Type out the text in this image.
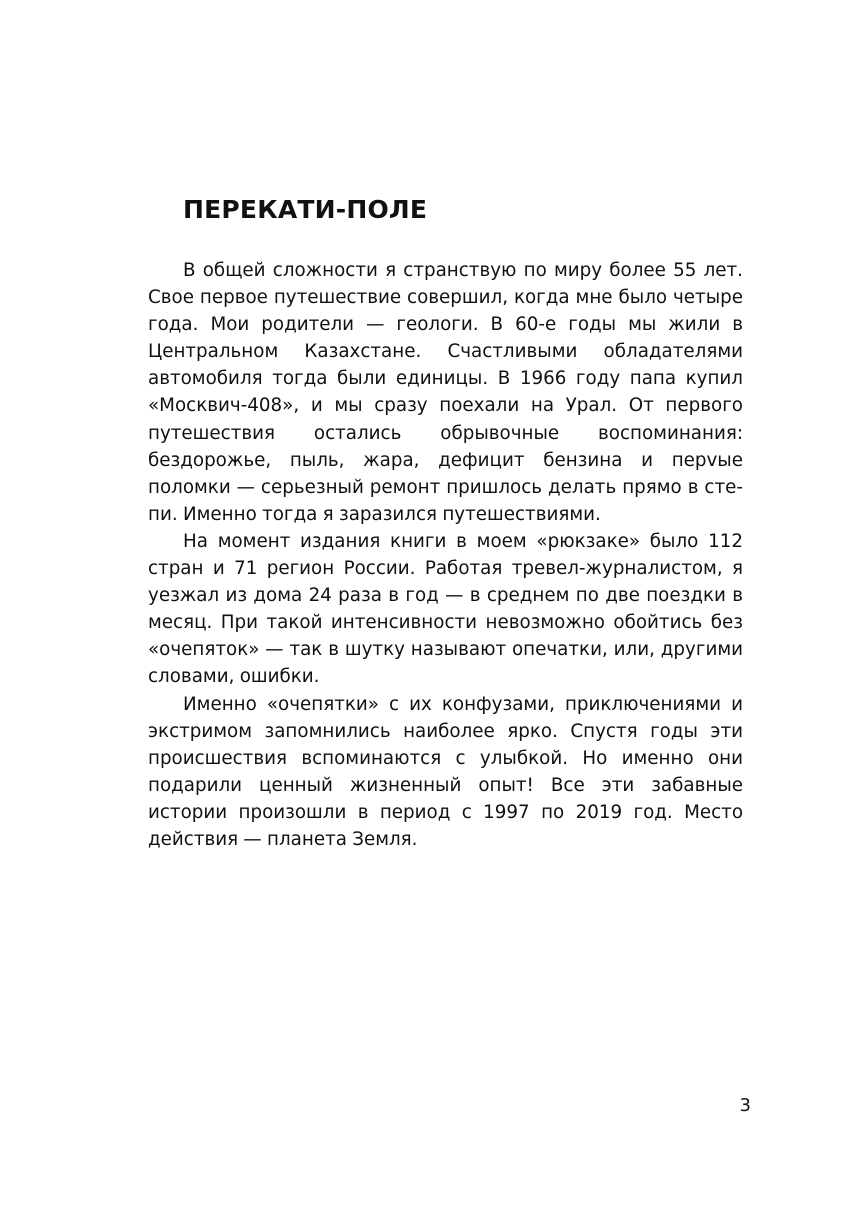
ПЕРЕКАТИ-ПОЛЕ

В общей сложности я странствую по миру более 55 лет. Свое первое путешествие совершил, когда мне было четыре года. Мои родители — геологи. В 60-е годы мы жили в Центральном Казахстане. Счастливыми обладателями автомобиля тогда были единицы. В 1966 году папа купил «Москвич-408», и мы сразу поехали на Урал. От первого путешествия остались обрывочные воспоминания: бездорожье, пыль, жара, дефицит бензина и перvые поломки — серьезный ремонт пришлось делать прямо в степи. Именно тогда я заразился путешествиями.

На момент издания книги в моем «рюкзаке» было 112 стран и 71 регион России. Работая тревел-журналистом, я уезжал из дома 24 раза в год — в среднем по две поездки в месяц. При такой интенсивности невозможно обойтись без «очепяток» — так в шутку называют опечатки, или, другими словами, ошибки.

Именно «очепятки» с их конфузами, приключениями и экстримом запомнились наиболее ярко. Спустя годы эти происшествия вспоминаются с улыбкой. Но именно они подарили ценный жизненный опыт! Все эти забавные истории произошли в период с 1997 по 2019 год. Место действия — планета Земля.

3
